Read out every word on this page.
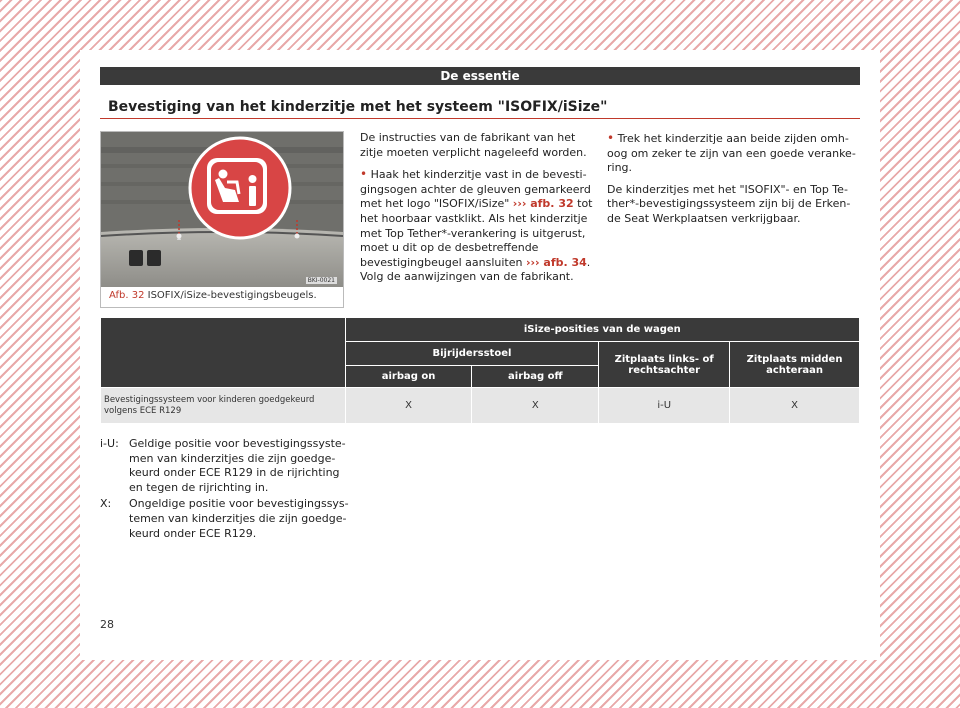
De essentie
Bevestiging van het kinderzitje met het systeem "ISOFIX/iSize"
BKI-0021
Afb. 32 ISOFIX/iSize-bevestigingsbeugels.

De instructies van de fabrikant van het zitje moeten verplicht nageleefd worden.

• Haak het kinderzitje vast in de bevestigingsogen achter de gleuven gemarkeerd met het logo "ISOFIX/iSize" ››› afb. 32 tot het hoorbaar vastklikt. Als het kinderzitje met Top Tether*-verankering is uitgerust, moet u dit op de desbetreffende bevestigingbeugel aansluiten ››› afb. 34. Volg de aanwijzingen van de fabrikant.

• Trek het kinderzitje aan beide zijden omhoog om zeker te zijn van een goede verankering.

De kinderzitjes met het "ISOFIX"- en Top Tether*-bevestigingssysteem zijn bij de Erkende Seat Werkplaatsen verkrijgbaar.

	iSize-posities van de wagen			
	Bijrijdersstoel		Zitplaats links- of rechtsachter	Zitplaats midden achteraan
	airbag on	airbag off		
Bevestigingssysteem voor kinderen goedgekeurd volgens ECE R129	X	X	i-U	X
i-U: Geldige positie voor bevestigingssystemen van kinderzitjes die zijn goedgekeurd onder ECE R129 in de rijrichting en tegen de rijrichting in.
X:	Ongeldige positie voor bevestigingssystemen van kinderzitjes die zijn goedgekeurd onder ECE R129.
28
